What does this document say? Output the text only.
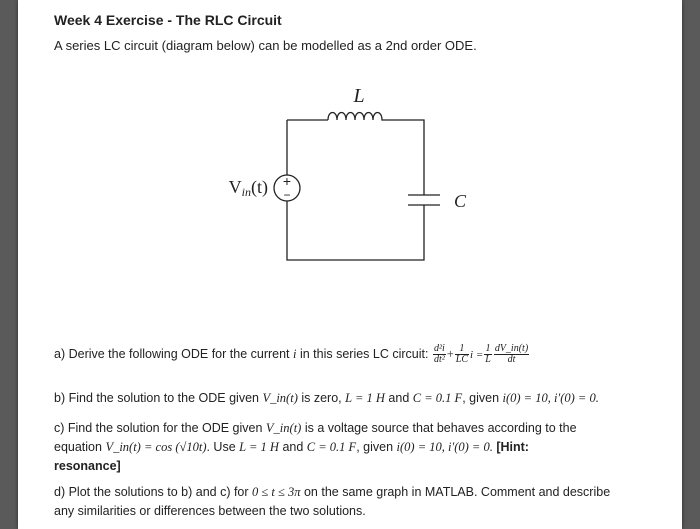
Week 4 Exercise - The RLC Circuit
A series LC circuit (diagram below) can be modelled as a 2nd order ODE.
L
C
+
−
Vin(t)
a) Derive the following ODE for the current i in this series LC circuit: $\frac{\text{d²i}}{\text{dt²}} + \frac{1}{LC}$ $i = \frac{1}{L} \frac{dV\_in(t)}{dt}$
b) Find the solution to the ODE given V_in(t) is zero, L = 1 H and C = 0.1 F, given i(0) = 10, i′(0) = 0.
c) Find the solution for the ODE given V_in(t) is a voltage source that behaves according to the
equation V_in(t) = cos (√10t). Use L = 1 H and C = 0.1 F, given i(0) = 10, i′(0) = 0. [Hint:
resonance]
d) Plot the solutions to b) and c) for 0 ≤ t ≤ 3π on the same graph in MATLAB. Comment and describe
any similarities or differences between the two solutions.
